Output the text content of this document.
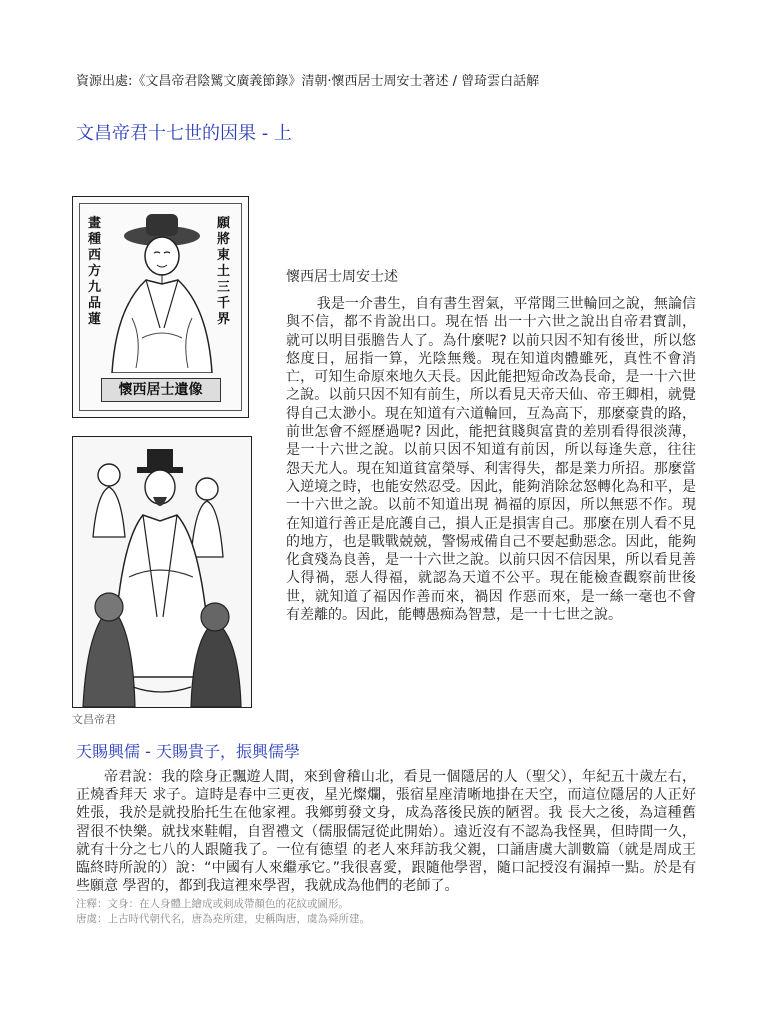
資源出處:《文昌帝君陰騭文廣義節錄》清朝·懷西居士周安士著述 / 曾琦雲白話解
文昌帝君十七世的因果 - 上
畫種西方九品蓮
願將東土三千界
懷西居士遺像
文昌帝君
懷西居士周安士述
我是一介書生，自有書生習氣，平常聞三世輪回之說，無論信與不信，都不肯說出口。現在悟 出一十六世之說出自帝君寶訓，就可以明目張膽告人了。為什麼呢? 以前只因不知有後世，所以悠悠度日，屈指一算，光陰無幾。現在知道肉體雖死，真性不會消 亡，可知生命原來地久天長。因此能把短命改為長命，是一十六世之說。以前只因不知有前生，所以看見天帝天仙、帝王卿相，就覺得自己太渺小。現在知道有六道輪回，互為高下，那麼豪貴的路，前世怎會不經歷過呢? 因此，能把貧賤與富貴的差別看得很淡薄，是一十六世之說。以前只因不知道有前因，所以每逢失意，往往 怨天尤人。現在知道貧富榮辱、利害得失，都是業力所招。那麼當入逆境之時，也能安然忍受。因此，能夠消除忿怒轉化為和平，是一十六世之說。以前不知道出現 禍福的原因，所以無惡不作。現在知道行善正是庇護自己，損人正是損害自己。那麼在別人看不見的地方，也是戰戰兢兢，警惕戒備自己不要起動惡念。因此，能夠 化貪殘為良善，是一十六世之說。以前只因不信因果，所以看見善人得禍，惡人得福，就認為天道不公平。現在能檢查觀察前世後世，就知道了福因作善而來，禍因 作惡而來，是一絲一毫也不會有差離的。因此，能轉愚痴為智慧，是一十七世之說。
天賜興儒 - 天賜貴子，振興儒學
帝君說：我的陰身正飄遊人間，來到會稽山北，看見一個隱居的人（聖父），年紀五十歲左右，正燒香拜天 求子。這時是春中三更夜，星光燦爛，張宿星座清晰地掛在天空，而這位隱居的人正好姓張，我於是就投胎托生在他家裡。我鄉剪發文身，成為落後民族的陋習。我 長大之後，為這種舊習很不快樂。就找來鞋帽，自習禮文（儒服儒冠從此開始）。遠近沒有不認為我怪異，但時間一久，就有十分之七八的人跟隨我了。一位有德望 的老人來拜訪我父親，口誦唐虞大訓數篇（就是周成王臨終時所說的）說：“中國有人來繼承它。”我很喜愛，跟隨他學習，隨口記授沒有漏掉一點。於是有些願意 學習的，都到我這裡來學習，我就成為他們的老師了。
注釋：文身：在人身體上繪成或刺成帶顏色的花紋或圖形。
唐虞：上古時代朝代名，唐為堯所建，史稱陶唐，虞為舜所建。
